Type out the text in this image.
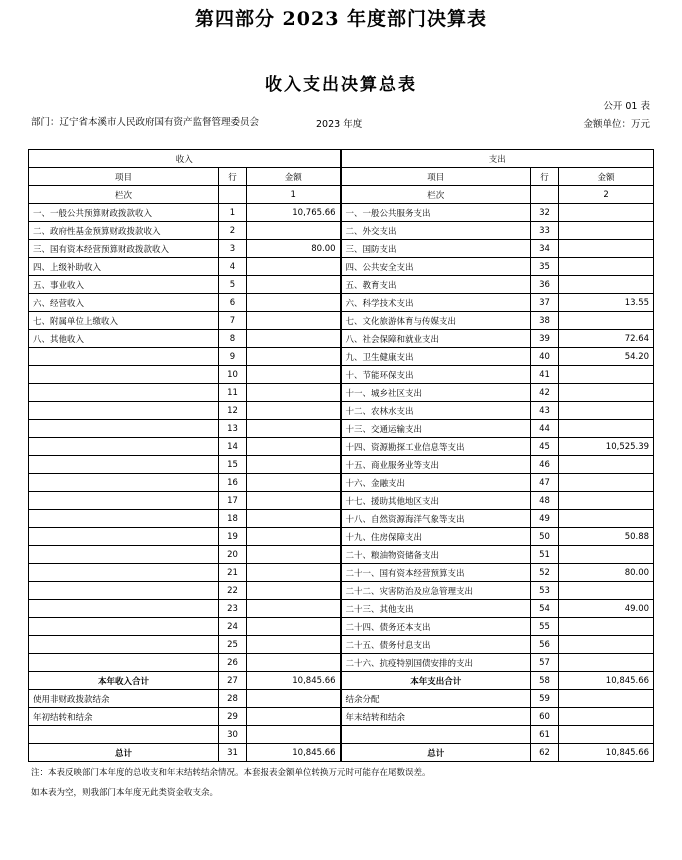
第四部分 2023 年度部门决算表
收入支出决算总表
公开 01 表
部门：辽宁省本溪市人民政府国有资产监督管理委员会	2023 年度	金额单位：万元
收入			支出		
项目	行	金额	项目	行	金额
栏次		1	栏次		2
一、一般公共预算财政拨款收入	1	10,765.66	一、一般公共服务支出	32	
二、政府性基金预算财政拨款收入	2		二、外交支出	33	
三、国有资本经营预算财政拨款收入	3	80.00	三、国防支出	34	
四、上级补助收入	4		四、公共安全支出	35	
五、事业收入	5		五、教育支出	36	
六、经营收入	6		六、科学技术支出	37	13.55
七、附属单位上缴收入	7		七、文化旅游体育与传媒支出	38	
八、其他收入	8		八、社会保障和就业支出	39	72.64
	9		九、卫生健康支出	40	54.20
	10		十、节能环保支出	41	
	11		十一、城乡社区支出	42	
	12		十二、农林水支出	43	
	13		十三、交通运输支出	44	
	14		十四、资源勘探工业信息等支出	45	10,525.39
	15		十五、商业服务业等支出	46	
	16		十六、金融支出	47	
	17		十七、援助其他地区支出	48	
	18		十八、自然资源海洋气象等支出	49	
	19		十九、住房保障支出	50	50.88
	20		二十、粮油物资储备支出	51	
	21		二十一、国有资本经营预算支出	52	80.00
	22		二十二、灾害防治及应急管理支出	53	
	23		二十三、其他支出	54	49.00
	24		二十四、债务还本支出	55	
	25		二十五、债务付息支出	56	
	26		二十六、抗疫特别国债安排的支出	57	
本年收入合计	27	10,845.66	本年支出合计	58	10,845.66
使用非财政拨款结余	28		结余分配	59	
年初结转和结余	29		年末结转和结余	60	
	30			61	
总计	31	10,845.66	总计	62	10,845.66
注：本表反映部门本年度的总收支和年末结转结余情况。本套报表金额单位转换万元时可能存在尾数误差。
如本表为空，则我部门本年度无此类资金收支余。
